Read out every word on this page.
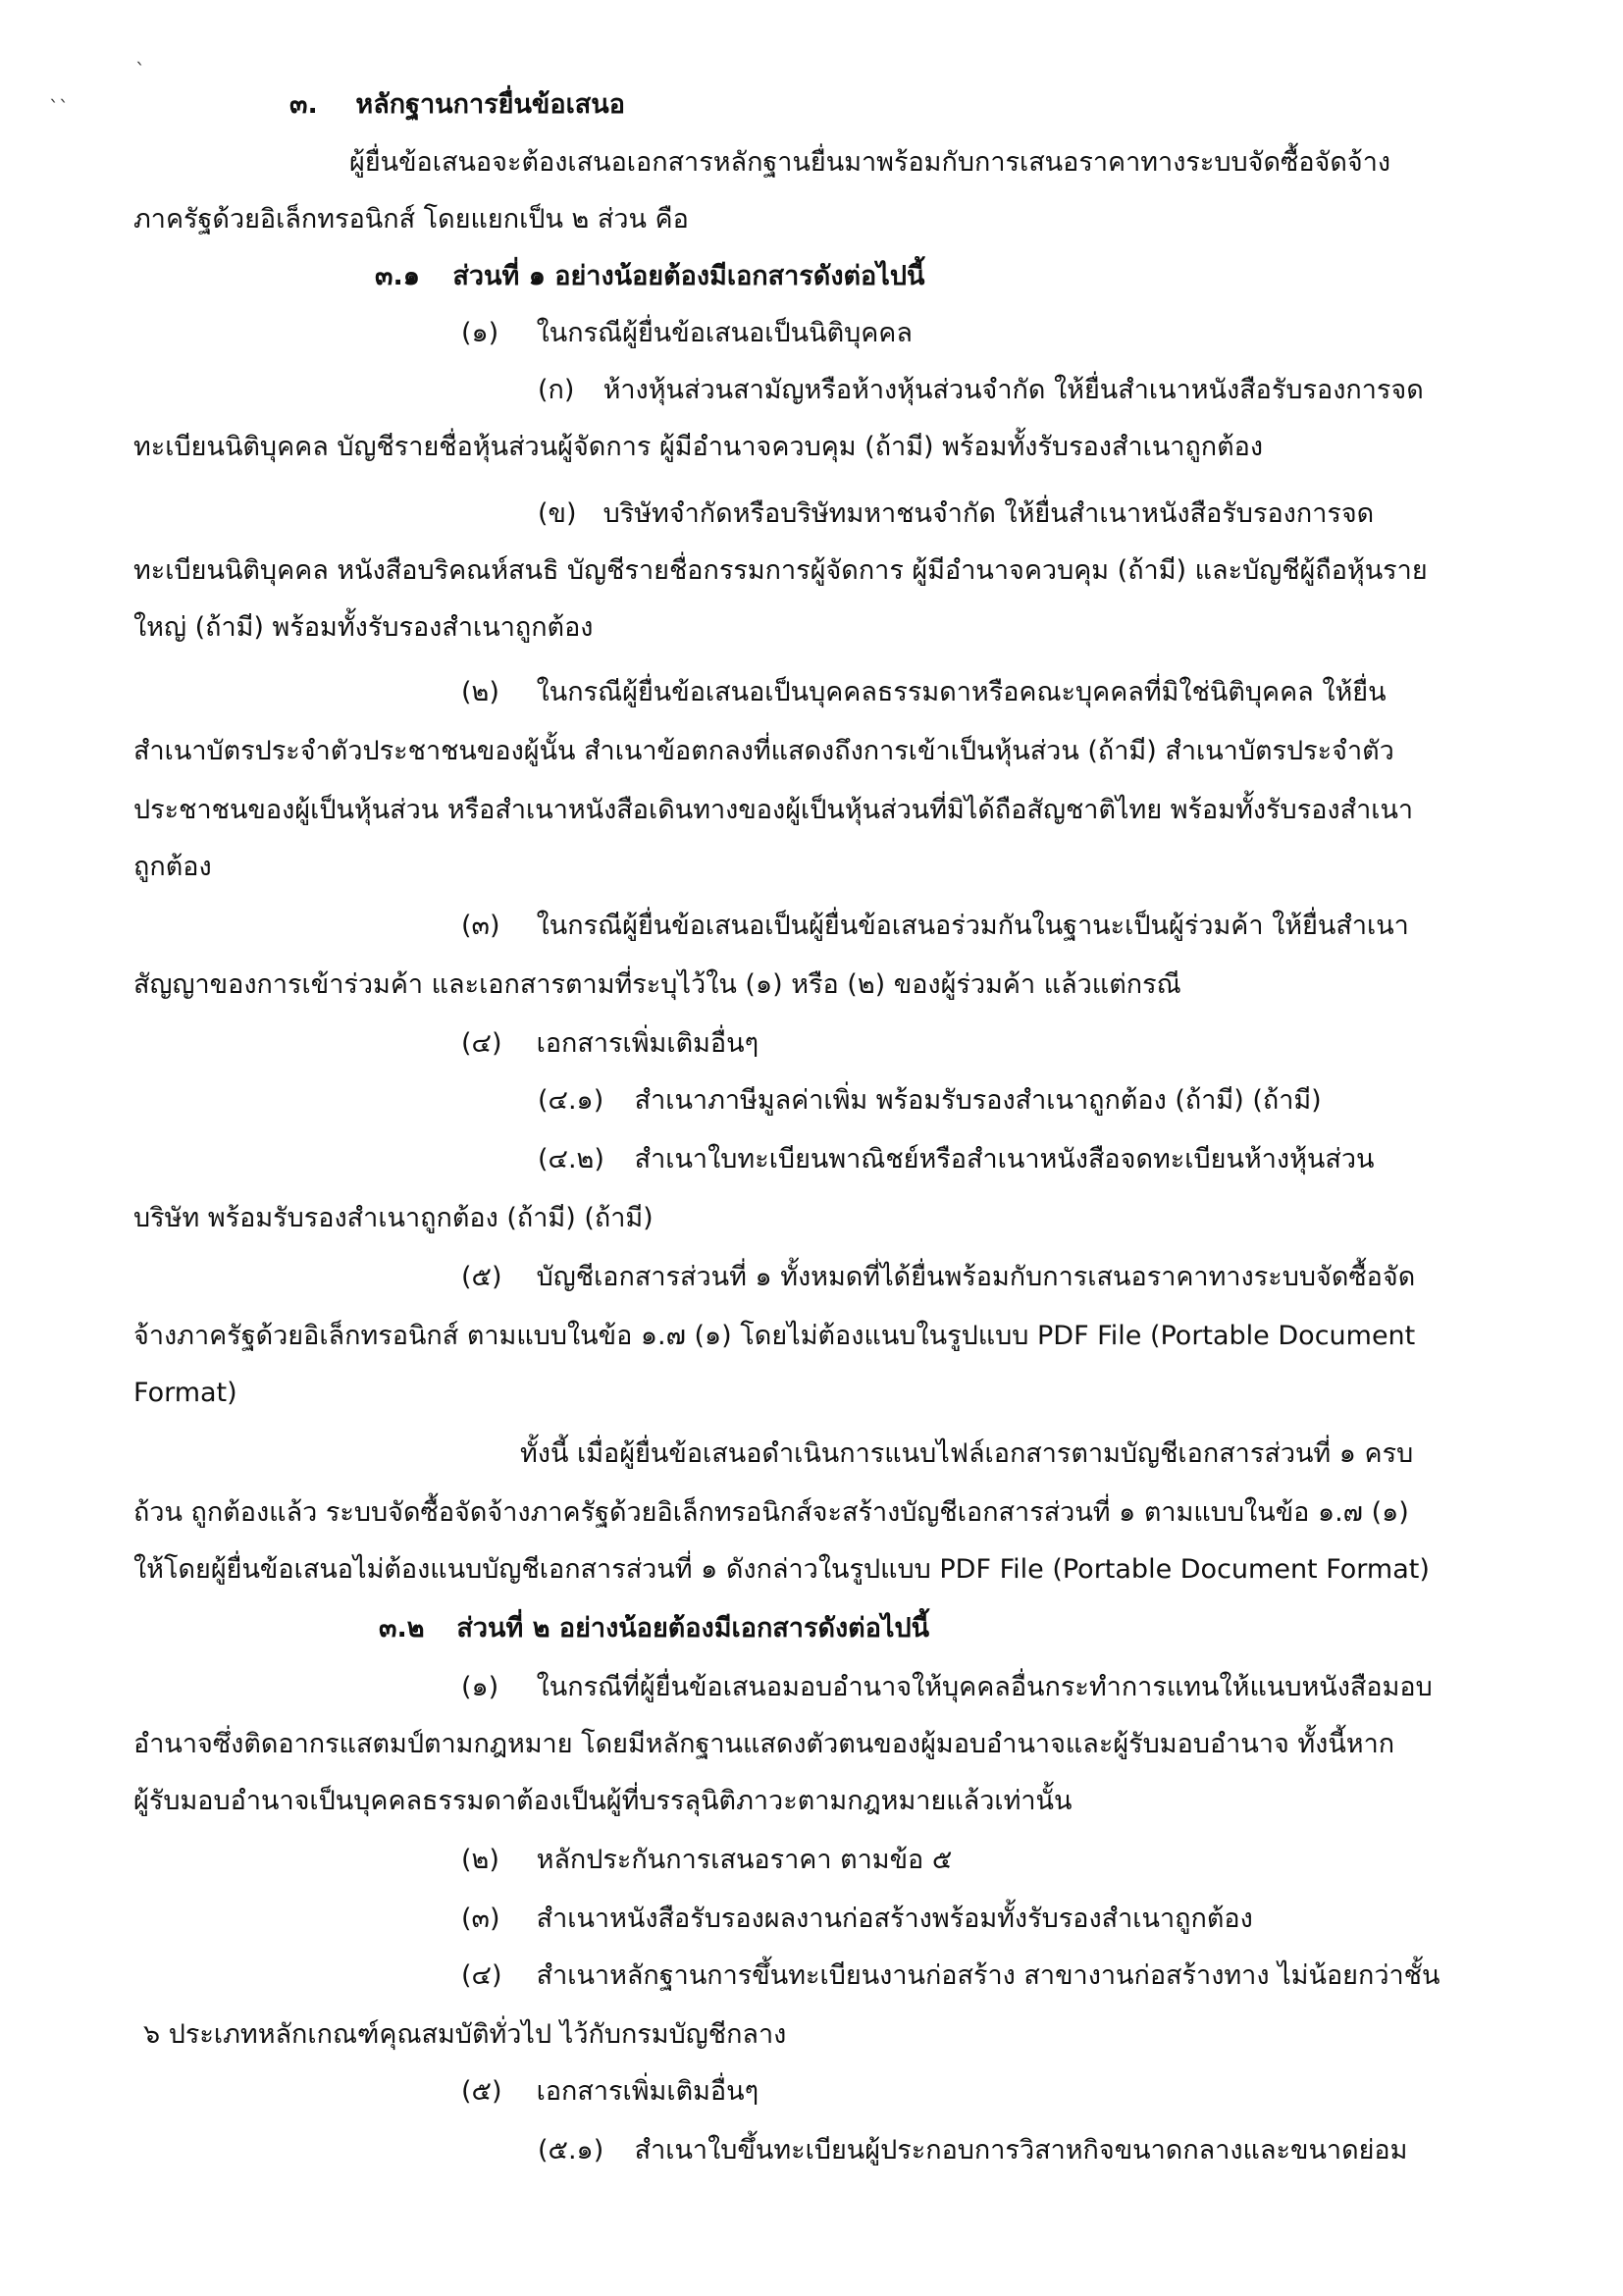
`
``	๓. หลักฐานการยื่นข้อเสนอ
ผู้ยื่นข้อเสนอจะต้องเสนอเอกสารหลักฐานยื่นมาพร้อมกับการเสนอราคาทางระบบจัดซื้อจัดจ้าง
ภาครัฐด้วยอิเล็กทรอนิกส์ โดยแยกเป็น ๒ ส่วน คือ
๓.๑ ส่วนที่ ๑ อย่างน้อยต้องมีเอกสารดังต่อไปนี้
(๑) ในกรณีผู้ยื่นข้อเสนอเป็นนิติบุคคล
(ก) ห้างหุ้นส่วนสามัญหรือห้างหุ้นส่วนจำกัด ให้ยื่นสำเนาหนังสือรับรองการจด
ทะเบียนนิติบุคคล บัญชีรายชื่อหุ้นส่วนผู้จัดการ ผู้มีอำนาจควบคุม (ถ้ามี) พร้อมทั้งรับรองสำเนาถูกต้อง
(ข) บริษัทจำกัดหรือบริษัทมหาชนจำกัด ให้ยื่นสำเนาหนังสือรับรองการจด
ทะเบียนนิติบุคคล หนังสือบริคณห์สนธิ บัญชีรายชื่อกรรมการผู้จัดการ ผู้มีอำนาจควบคุม (ถ้ามี) และบัญชีผู้ถือหุ้นราย
ใหญ่ (ถ้ามี) พร้อมทั้งรับรองสำเนาถูกต้อง
(๒) ในกรณีผู้ยื่นข้อเสนอเป็นบุคคลธรรมดาหรือคณะบุคคลที่มิใช่นิติบุคคล ให้ยื่น
สำเนาบัตรประจำตัวประชาชนของผู้นั้น สำเนาข้อตกลงที่แสดงถึงการเข้าเป็นหุ้นส่วน (ถ้ามี) สำเนาบัตรประจำตัว
ประชาชนของผู้เป็นหุ้นส่วน หรือสำเนาหนังสือเดินทางของผู้เป็นหุ้นส่วนที่มิได้ถือสัญชาติไทย พร้อมทั้งรับรองสำเนา
ถูกต้อง
(๓) ในกรณีผู้ยื่นข้อเสนอเป็นผู้ยื่นข้อเสนอร่วมกันในฐานะเป็นผู้ร่วมค้า ให้ยื่นสำเนา
สัญญาของการเข้าร่วมค้า และเอกสารตามที่ระบุไว้ใน (๑) หรือ (๒) ของผู้ร่วมค้า แล้วแต่กรณี
(๔) เอกสารเพิ่มเติมอื่นๆ
(๔.๑) สำเนาภาษีมูลค่าเพิ่ม พร้อมรับรองสำเนาถูกต้อง (ถ้ามี) (ถ้ามี)
(๔.๒) สำเนาใบทะเบียนพาณิชย์หรือสำเนาหนังสือจดทะเบียนห้างหุ้นส่วน
บริษัท พร้อมรับรองสำเนาถูกต้อง (ถ้ามี) (ถ้ามี)
(๕) บัญชีเอกสารส่วนที่ ๑ ทั้งหมดที่ได้ยื่นพร้อมกับการเสนอราคาทางระบบจัดซื้อจัด
จ้างภาครัฐด้วยอิเล็กทรอนิกส์ ตามแบบในข้อ ๑.๗ (๑) โดยไม่ต้องแนบในรูปแบบ PDF File (Portable Document
Format)
ทั้งนี้ เมื่อผู้ยื่นข้อเสนอดำเนินการแนบไฟล์เอกสารตามบัญชีเอกสารส่วนที่ ๑ ครบ
ถ้วน ถูกต้องแล้ว ระบบจัดซื้อจัดจ้างภาครัฐด้วยอิเล็กทรอนิกส์จะสร้างบัญชีเอกสารส่วนที่ ๑ ตามแบบในข้อ ๑.๗ (๑)
ให้โดยผู้ยื่นข้อเสนอไม่ต้องแนบบัญชีเอกสารส่วนที่ ๑ ดังกล่าวในรูปแบบ PDF File (Portable Document Format)
๓.๒ ส่วนที่ ๒ อย่างน้อยต้องมีเอกสารดังต่อไปนี้
(๑) ในกรณีที่ผู้ยื่นข้อเสนอมอบอำนาจให้บุคคลอื่นกระทำการแทนให้แนบหนังสือมอบ
อำนาจซึ่งติดอากรแสตมป์ตามกฎหมาย โดยมีหลักฐานแสดงตัวตนของผู้มอบอำนาจและผู้รับมอบอำนาจ ทั้งนี้หาก
ผู้รับมอบอำนาจเป็นบุคคลธรรมดาต้องเป็นผู้ที่บรรลุนิติภาวะตามกฎหมายแล้วเท่านั้น
(๒) หลักประกันการเสนอราคา ตามข้อ ๕
(๓) สำเนาหนังสือรับรองผลงานก่อสร้างพร้อมทั้งรับรองสำเนาถูกต้อง
(๔) สำเนาหลักฐานการขึ้นทะเบียนงานก่อสร้าง สาขางานก่อสร้างทาง ไม่น้อยกว่าชั้น
๖ ประเภทหลักเกณฑ์คุณสมบัติทั่วไป ไว้กับกรมบัญชีกลาง
(๕) เอกสารเพิ่มเติมอื่นๆ
(๕.๑) สำเนาใบขึ้นทะเบียนผู้ประกอบการวิสาหกิจขนาดกลางและขนาดย่อม
